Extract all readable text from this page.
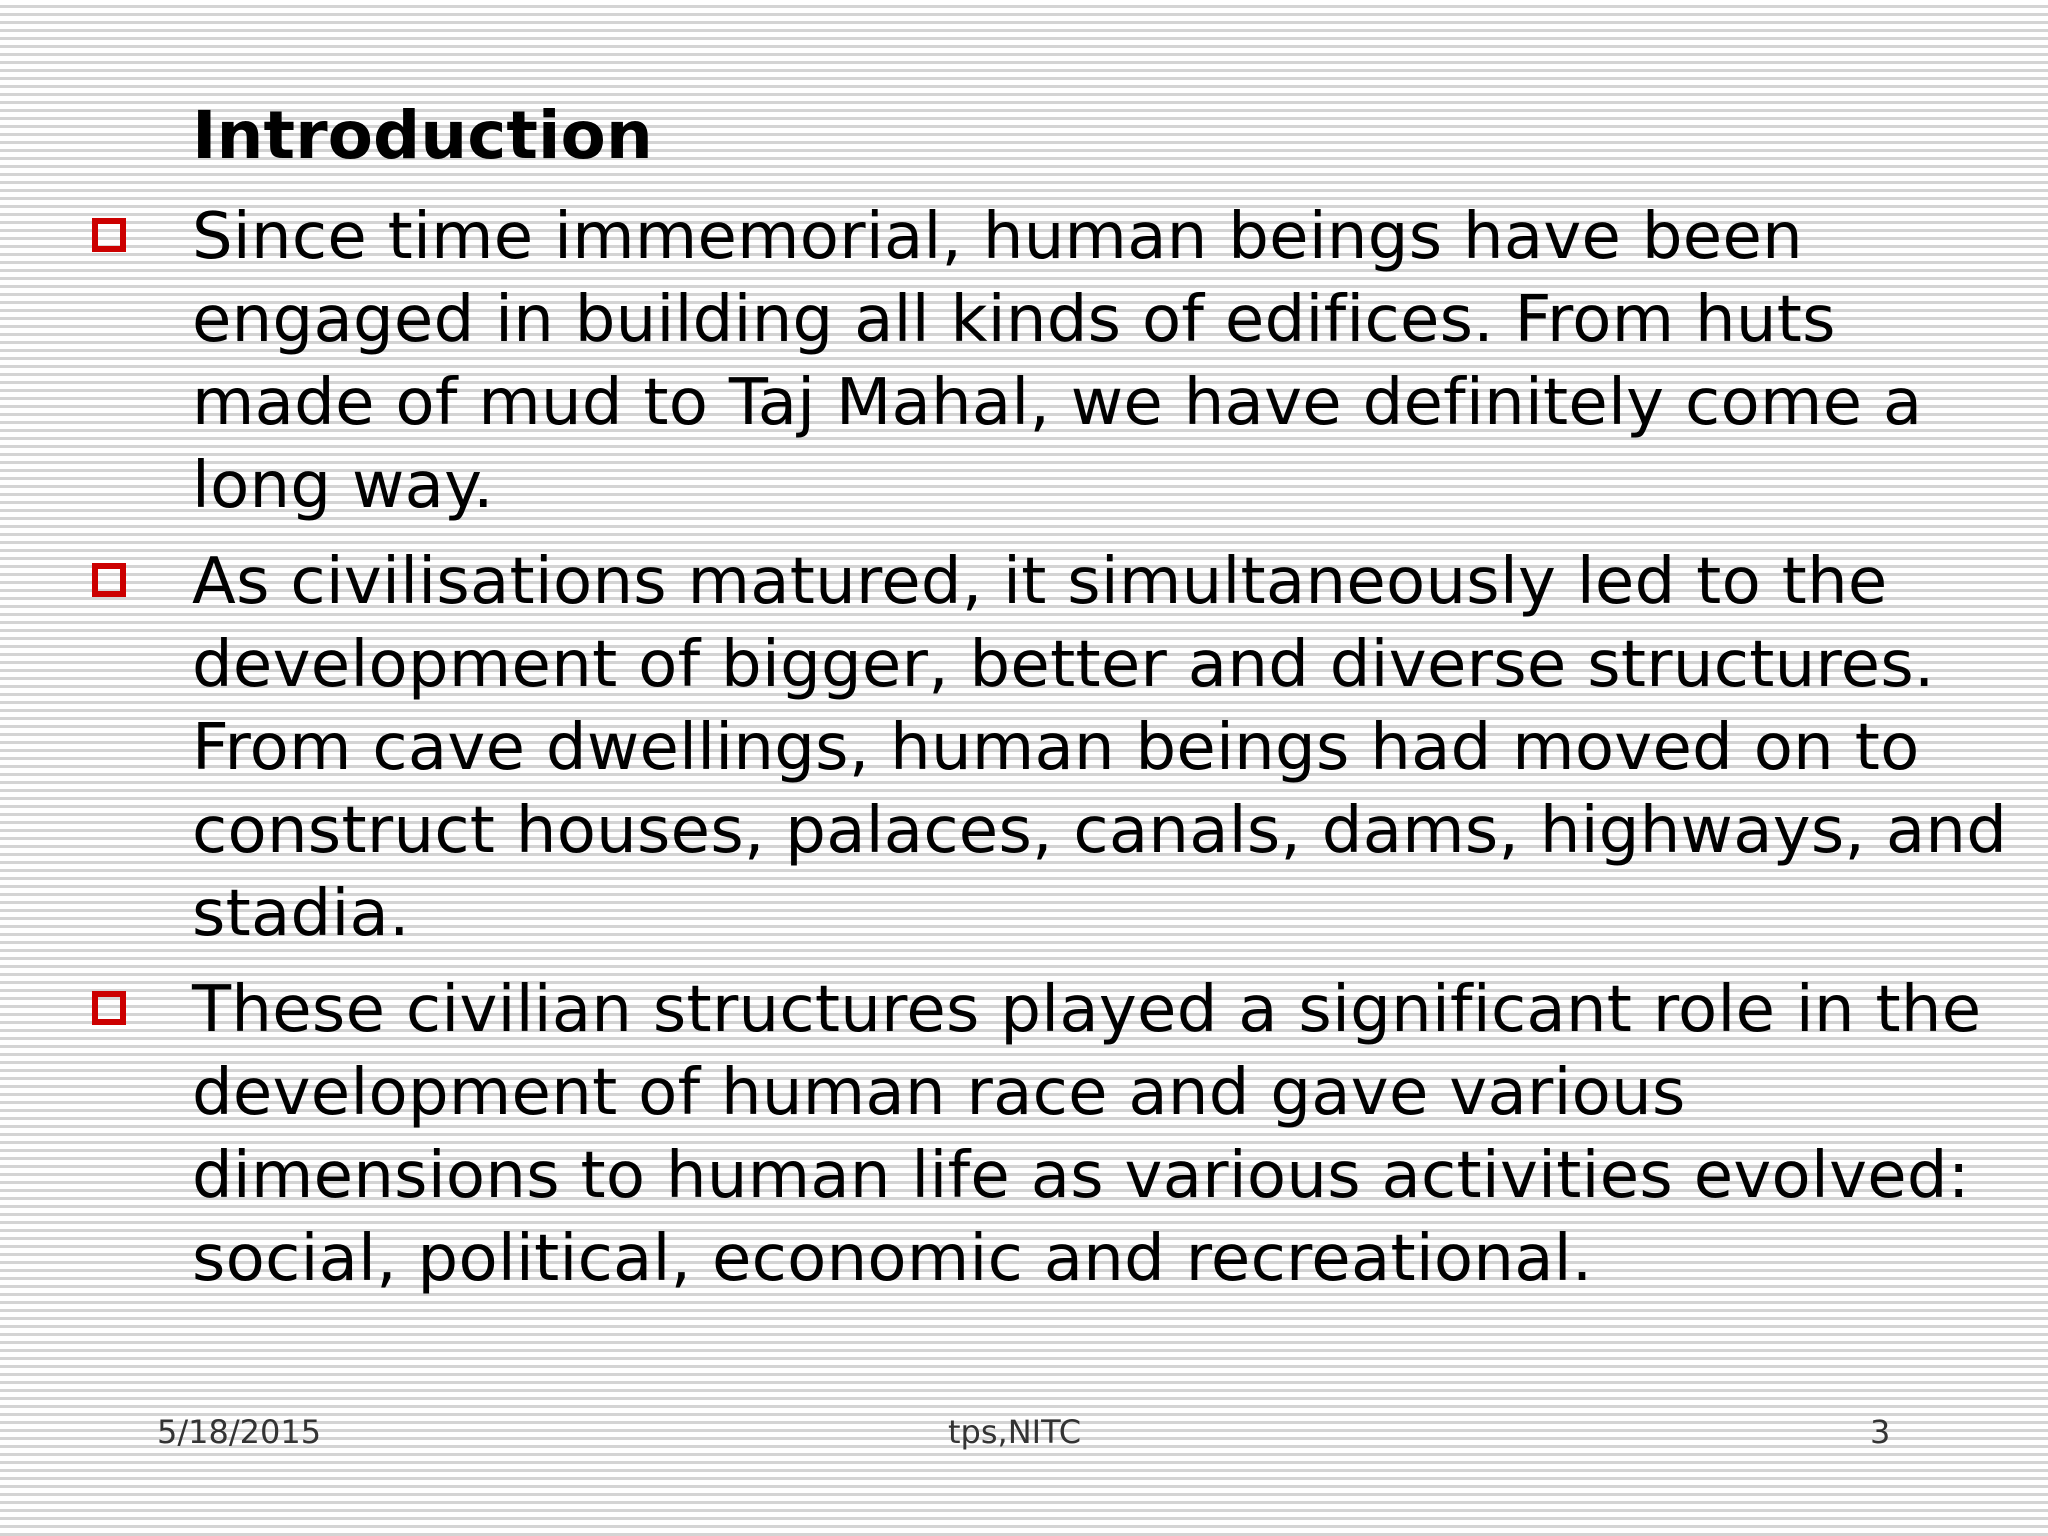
Introduction
Since time immemorial, human beings have been engaged in building all kinds of edifices. From huts made of mud to Taj Mahal, we have definitely come a long way.
As civilisations matured, it simultaneously led to the development of bigger, better and diverse structures. From cave dwellings, human beings had moved on to construct houses, palaces, canals, dams, highways, and stadia.
These civilian structures played a significant role in the development of human race and gave various dimensions to human life as various activities evolved: social, political, economic and recreational.
5/18/2015	tps,NITC	3
